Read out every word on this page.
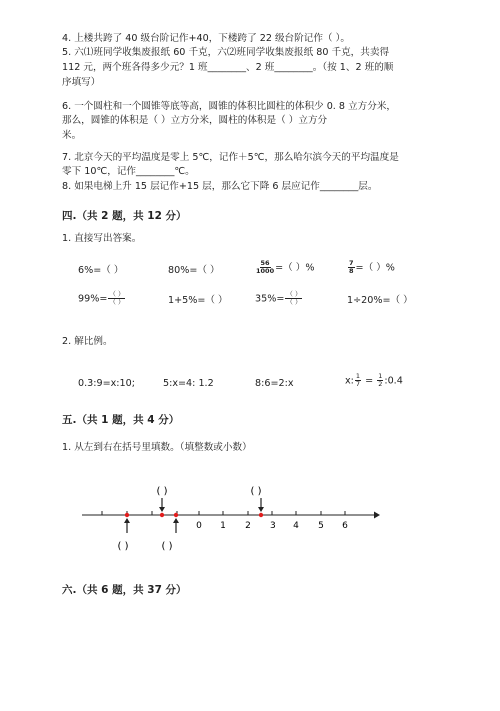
4. 上楼共跨了 40 级台阶记作+40，下楼跨了 22 级台阶记作（ ）。
5. 六⑴班同学收集废报纸 60 千克，六⑵班同学收集废报纸 80 千克，共卖得
112 元，两个班各得多少元？1 班________、2 班________。（按 1、2 班的顺
序填写）
6. 一个圆柱和一个圆锥等底等高，圆锥的体积比圆柱的体积少 0. 8 立方分米，
那么，圆锥的体积是（ ）立方分米，圆柱的体积是（ ）立方分
米。
7. 北京今天的平均温度是零上 5℃，记作＋5℃，那么哈尔滨今天的平均温度是
零下 10℃，记作________℃。
8. 如果电梯上升 15 层记作+15 层，那么它下降 6 层应记作________层。
四.（共 2 题，共 12 分）
1. 直接写出答案。
6%=（ ）	80%=（ ）	$\frac{56}{1000}$ =（ ）%	$\frac{7}{8}$ =（ ）%
$99\%= \frac{( )}{( )}$	1+5%=（ ）	$35\%= \frac{( )}{( )}$	1÷20%=（ ）
2. 解比例。
0.3:9=x:10;	5:x=4: 1.2	8:6=2:x	x: $\frac{1}{7} = \frac{1}{2}$ :0.4
五.（共 1 题，共 4 分）
1. 从左到右在括号里填数。（填整数或小数）
0 1 2	4 5 6
3
( )	( )
( )	( )
六.（共 6 题，共 37 分）
